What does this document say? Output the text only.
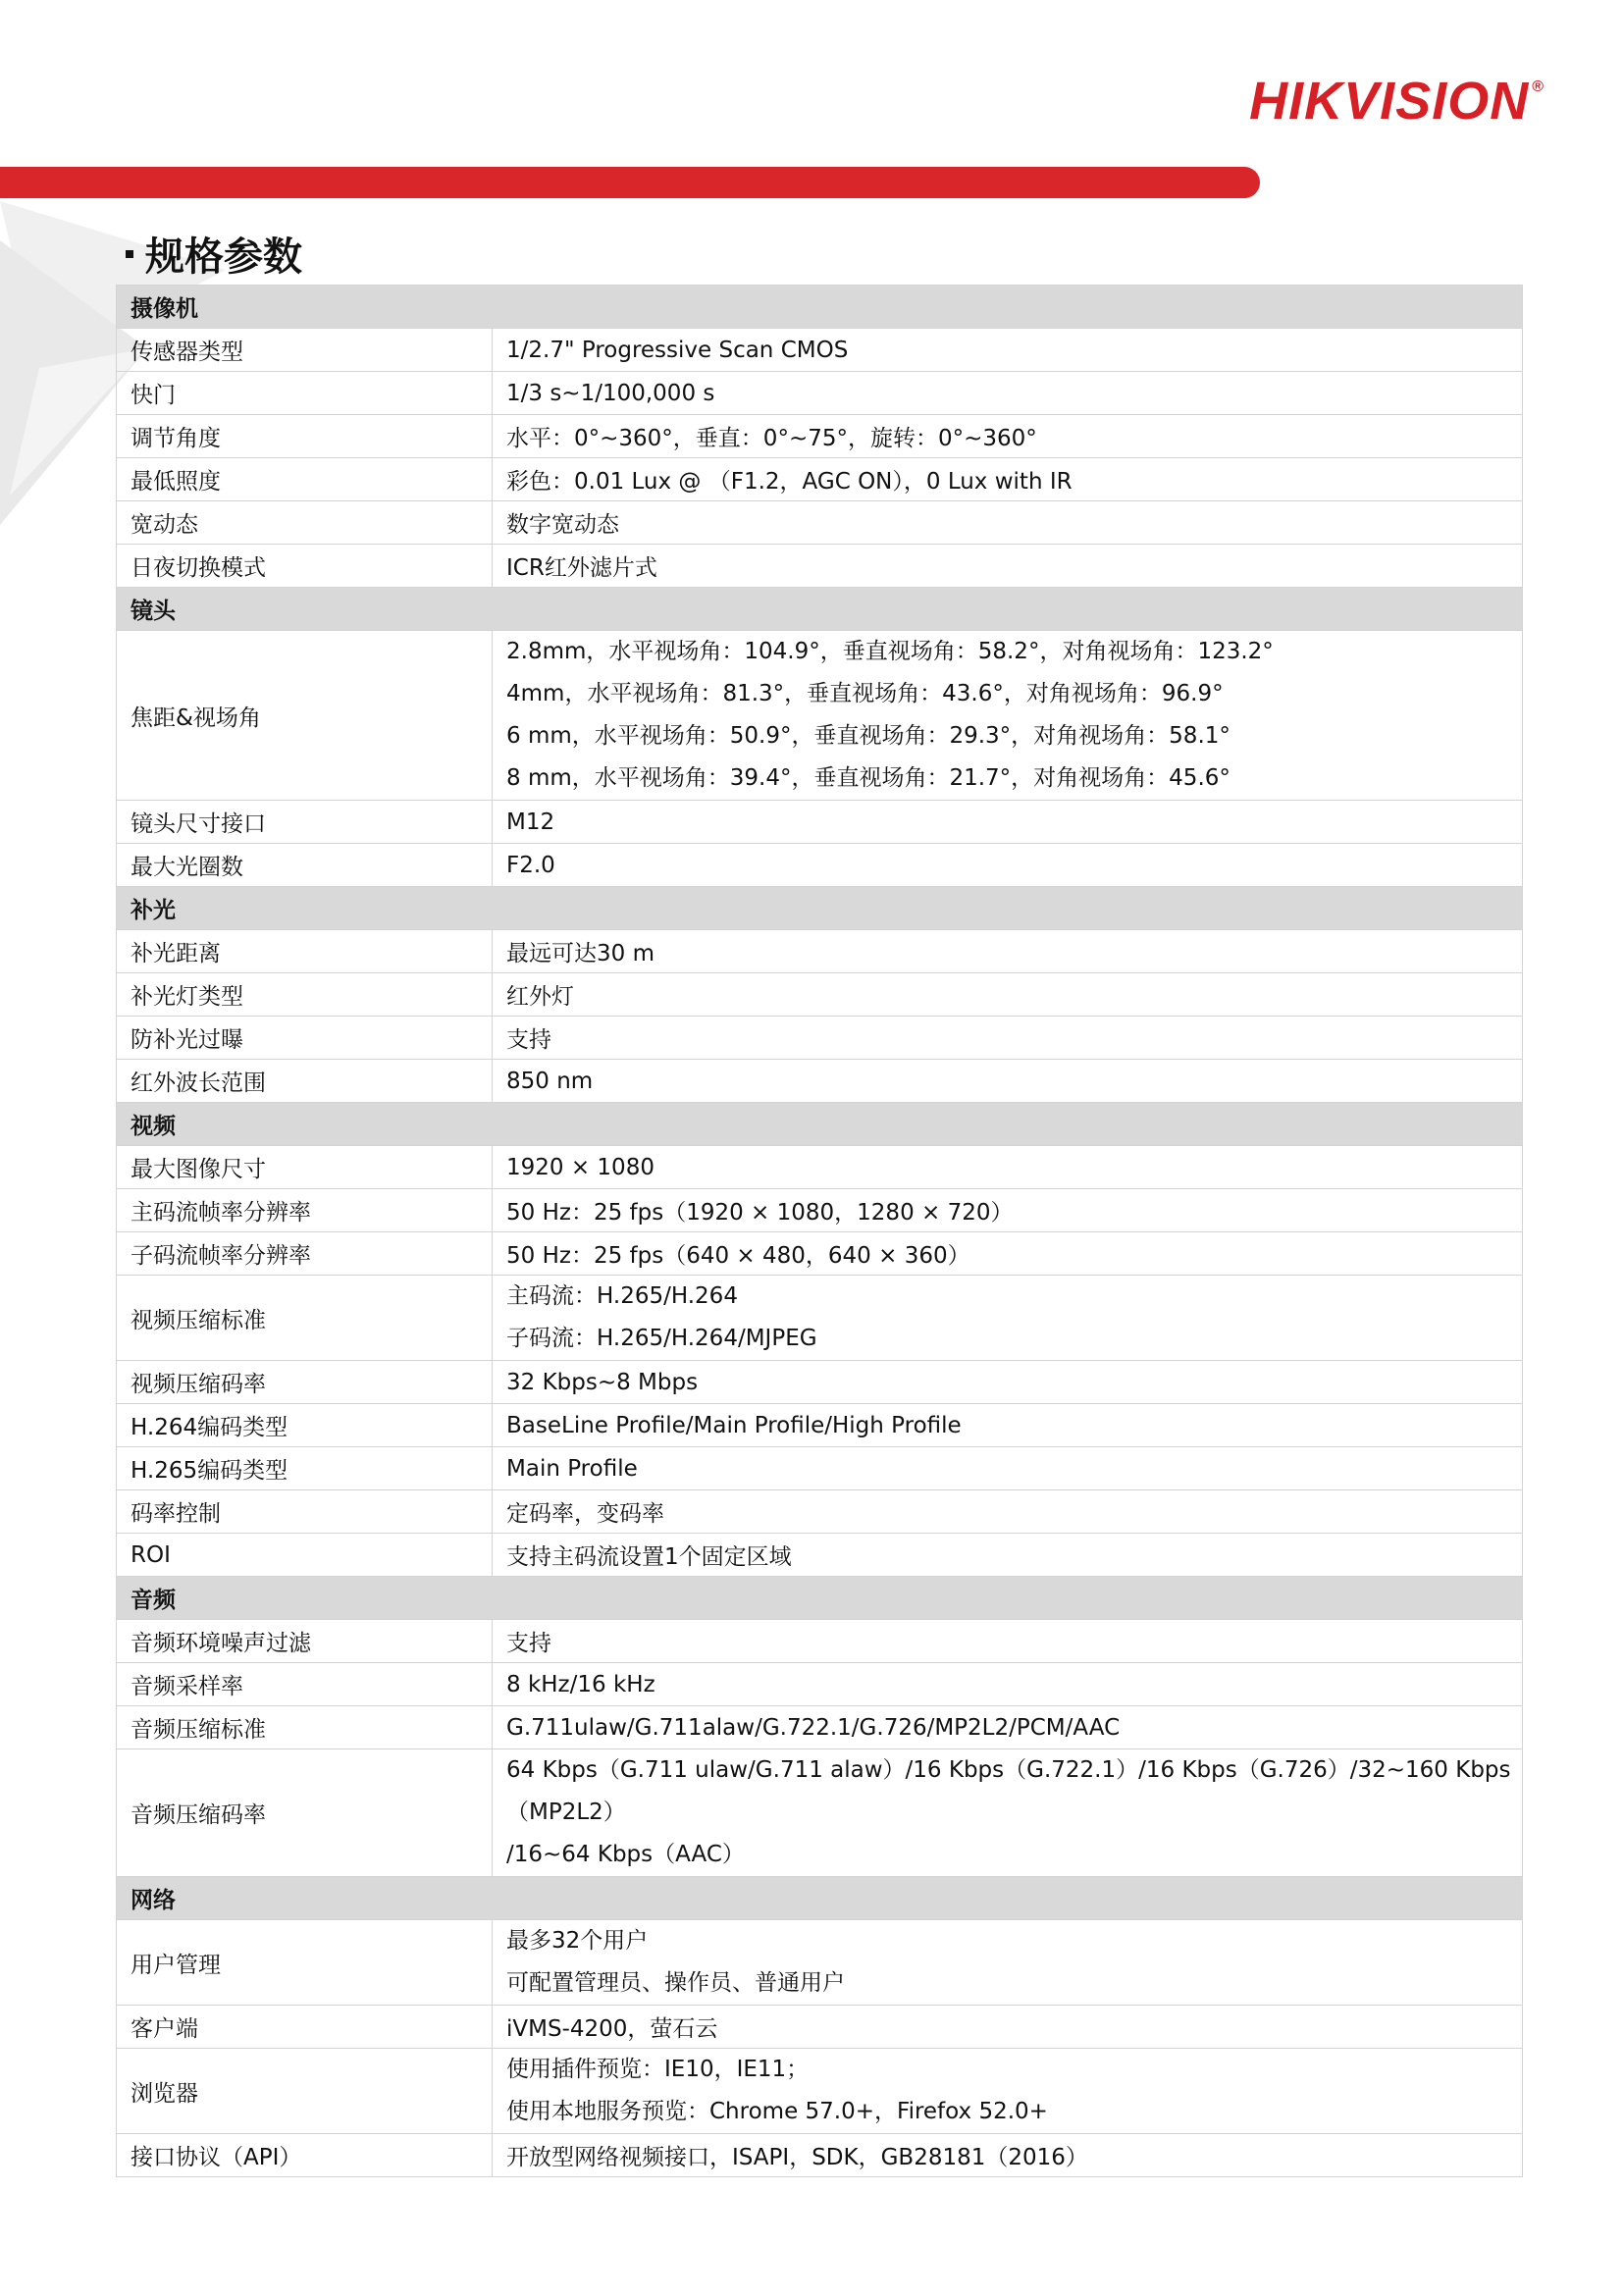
HIKVISION ®
规格参数
摄像机	
传感器类型	1/2.7" Progressive Scan CMOS
快门	1/3 s~1/100,000 s
调节角度	水平：0°~360°，垂直：0°~75°，旋转：0°~360°
最低照度	彩色：0.01 Lux @ （F1.2，AGC ON），0 Lux with IR
宽动态	数字宽动态
日夜切换模式	ICR红外滤片式
镜头	
焦距&视场角	2.8mm，水平视场角：104.9°，垂直视场角：58.2°，对角视场角：123.2°
4mm，水平视场角：81.3°，垂直视场角：43.6°，对角视场角：96.9°
6 mm，水平视场角：50.9°，垂直视场角：29.3°，对角视场角：58.1°
8 mm，水平视场角：39.4°，垂直视场角：21.7°，对角视场角：45.6°

镜头尺寸接口	M12
最大光圈数	F2.0
补光	
补光距离	最远可达30 m
补光灯类型	红外灯
防补光过曝	支持
红外波长范围	850 nm
视频	
最大图像尺寸	1920 × 1080
主码流帧率分辨率	50 Hz：25 fps（1920 × 1080，1280 × 720）
子码流帧率分辨率	50 Hz：25 fps（640 × 480，640 × 360）
视频压缩标准	主码流：H.265/H.264
子码流：H.265/H.264/MJPEG

视频压缩码率	32 Kbps~8 Mbps
H.264编码类型	BaseLine Profile/Main Profile/High Profile
H.265编码类型	Main Profile
码率控制	定码率，变码率
ROI	支持主码流设置1个固定区域
音频	
音频环境噪声过滤	支持
音频采样率	8 kHz/16 kHz
音频压缩标准	G.711ulaw/G.711alaw/G.722.1/G.726/MP2L2/PCM/AAC
音频压缩码率	64 Kbps（G.711 ulaw/G.711 alaw）/16 Kbps（G.722.1）/16 Kbps（G.726）/32~160 Kbps（MP2L2）
/16~64 Kbps（AAC）

网络	
用户管理	最多32个用户
可配置管理员、操作员、普通用户

客户端	iVMS-4200，萤石云
浏览器	使用插件预览：IE10，IE11；
使用本地服务预览：Chrome 57.0+，Firefox 52.0+

接口协议（API）	开放型网络视频接口，ISAPI，SDK，GB28181（2016）
